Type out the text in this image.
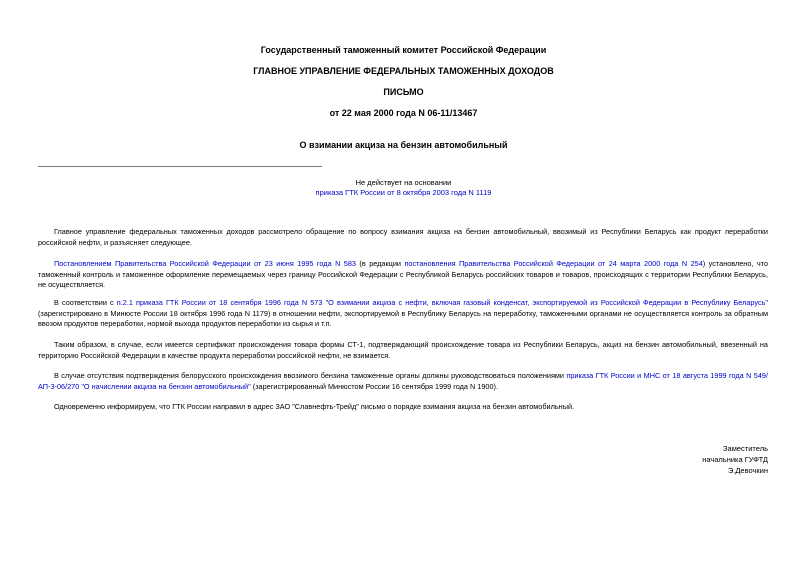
Государственный таможенный комитет Российской Федерации
ГЛАВНОЕ УПРАВЛЕНИЕ ФЕДЕРАЛЬНЫХ ТАМОЖЕННЫХ ДОХОДОВ
ПИСЬМО
от 22 мая 2000 года N 06-11/13467
О взимании акциза на бензин автомобильный
Не действует на основании
приказа ГТК России от 8 октября 2003 года N 1119

Главное управление федеральных таможенных доходов рассмотрело обращение по вопросу взимания акциза на бензин автомобильный, ввозимый из Республики Беларусь как продукт переработки российской нефти, и разъясняет следующее.

Постановлением Правительства Российской Федерации от 23 июня 1995 года N 583 (в редакции постановления Правительства Российской Федерации от 24 марта 2000 года N 254) установлено, что таможенный контроль и таможенное оформление перемещаемых через границу Российской Федерации с Республикой Беларусь российских товаров и товаров, происходящих с территории Республики Беларусь, не осуществляется.

В соответствии с п.2.1 приказа ГТК России от 18 сентября 1996 года N 573 "О взимании акциза с нефти, включая газовый конденсат, экспортируемой из Российской Федерации в Республику Беларусь" (зарегистрировано в Минюсте России 18 октября 1996 года N 1179) в отношении нефти, экспортируемой в Республику Беларусь на переработку, таможенными органами не осуществляется контроль за обратным ввозом продуктов переработки, нормой выхода продуктов переработки из сырья и т.п.

Таким образом, в случае, если имеется сертификат происхождения товара формы СТ-1, подтверждающий происхождение товара из Республики Беларусь, акциз на бензин автомобильный, ввезенный на территорию Российской Федерации в качестве продукта переработки российской нефти, не взимается.

В случае отсутствия подтверждения белорусского происхождения ввозимого бензина таможенные органы должны руководствоваться положениями приказа ГТК России и МНС от 18 августа 1999 года N 549/АП-3-06/270 "О начислении акциза на бензин автомобильный" (зарегистрированный Минюстом России 16 сентября 1999 года N 1900).

Одновременно информируем, что ГТК России направил в адрес ЗАО "Славнефть-Трейд" письмо о порядке взимания акциза на бензин автомобильный.

Заместитель
начальника ГУФТД
Э.Девочкин
